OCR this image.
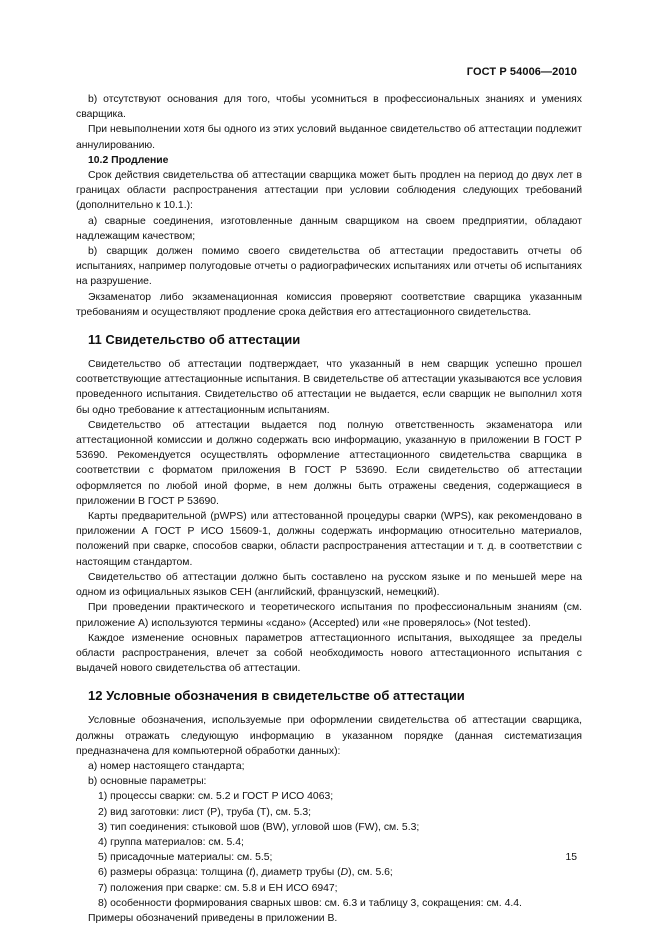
ГОСТ Р 54006—2010

b) отсутствуют основания для того, чтобы усомниться в профессиональных знаниях и умениях сварщика.

При невыполнении хотя бы одного из этих условий выданное свидетельство об аттестации подлежит аннулированию.

10.2 Продление

Срок действия свидетельства об аттестации сварщика может быть продлен на период до двух лет в границах области распространения аттестации при условии соблюдения следующих требований (дополнительно к 10.1.):

а) сварные соединения, изготовленные данным сварщиком на своем предприятии, обладают надлежащим качеством;

b) сварщик должен помимо своего свидетельства об аттестации предоставить отчеты об испытаниях, например полугодовые отчеты о радиографических испытаниях или отчеты об испытаниях на разрушение.

Экзаменатор либо экзаменационная комиссия проверяют соответствие сварщика указанным требованиям и осуществляют продление срока действия его аттестационного свидетельства.

11 Свидетельство об аттестации

Свидетельство об аттестации подтверждает, что указанный в нем сварщик успешно прошел соответствующие аттестационные испытания. В свидетельстве об аттестации указываются все условия проведенного испытания. Свидетельство об аттестации не выдается, если сварщик не выполнил хотя бы одно требование к аттестационным испытаниям.

Свидетельство об аттестации выдается под полную ответственность экзаменатора или аттестационной комиссии и должно содержать всю информацию, указанную в приложении В ГОСТ Р 53690. Рекомендуется осуществлять оформление аттестационного свидетельства сварщика в соответствии с форматом приложения В ГОСТ Р 53690. Если свидетельство об аттестации оформляется по любой иной форме, в нем должны быть отражены сведения, содержащиеся в приложении В ГОСТ Р 53690.

Карты предварительной (pWPS) или аттестованной процедуры сварки (WPS), как рекомендовано в приложении А ГОСТ Р ИСО 15609-1, должны содержать информацию относительно материалов, положений при сварке, способов сварки, области распространения аттестации и т. д. в соответствии с настоящим стандартом.

Свидетельство об аттестации должно быть составлено на русском языке и по меньшей мере на одном из официальных языков CEH (английский, французский, немецкий).

При проведении практического и теоретического испытания по профессиональным знаниям (см. приложение А) используются термины «сдано» (Accepted) или «не проверялось» (Not tested).

Каждое изменение основных параметров аттестационного испытания, выходящее за пределы области распространения, влечет за собой необходимость нового аттестационного испытания с выдачей нового свидетельства об аттестации.

12 Условные обозначения в свидетельстве об аттестации

Условные обозначения, используемые при оформлении свидетельства об аттестации сварщика, должны отражать следующую информацию в указанном порядке (данная систематизация предназначена для компьютерной обработки данных):

а) номер настоящего стандарта;

b) основные параметры:

1) процессы сварки: см. 5.2 и ГОСТ Р ИСО 4063;

2) вид заготовки: лист (P), труба (T), см. 5.3;

3) тип соединения: стыковой шов (BW), угловой шов (FW), см. 5.3;

4) группа материалов: см. 5.4;

5) присадочные материалы: см. 5.5;

6) размеры образца: толщина (t), диаметр трубы (D), см. 5.6;

7) положения при сварке: см. 5.8 и ЕН ИСО 6947;

8) особенности формирования сварных швов: см. 6.3 и таблицу 3, сокращения: см. 4.4.

Примеры обозначений приведены в приложении В.

15
